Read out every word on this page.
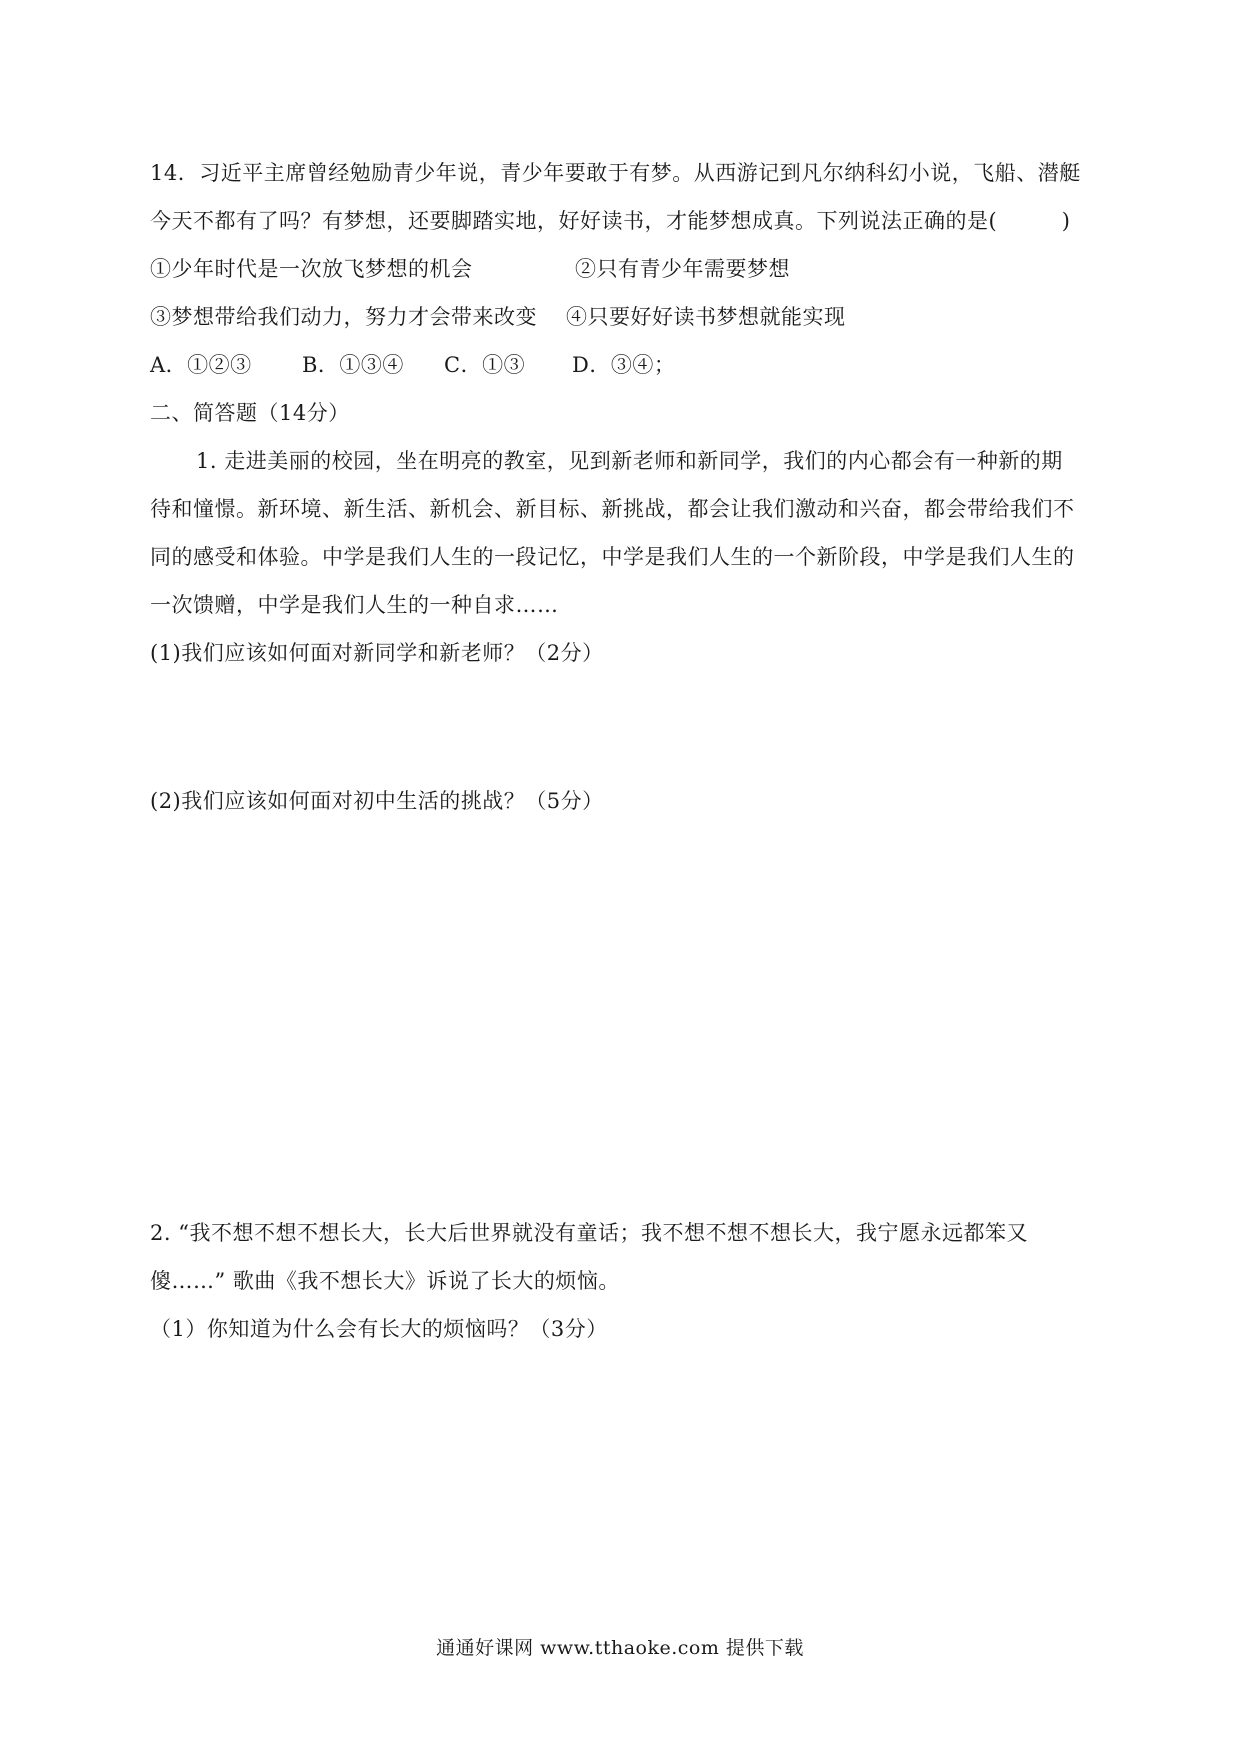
14．习近平主席曾经勉励青少年说，青少年要敢于有梦。从西游记到凡尔纳科幻小说，飞船、潜艇
今天不都有了吗？有梦想，还要脚踏实地，好好读书，才能梦想成真。下列说法正确的是(　　　)
①少年时代是一次放飞梦想的机会	②只有青少年需要梦想
③梦想带给我们动力，努力才会带来改变 ④只要好好读书梦想就能实现
A．①②③ B．①③④ C．①③ D．③④；
二、简答题（14分）
1. 走进美丽的校园，坐在明亮的教室，见到新老师和新同学，我们的内心都会有一种新的期
待和憧憬。新环境、新生活、新机会、新目标、新挑战，都会让我们激动和兴奋，都会带给我们不
同的感受和体验。中学是我们人生的一段记忆，中学是我们人生的一个新阶段，中学是我们人生的
一次馈赠，中学是我们人生的一种自求……
(1)我们应该如何面对新同学和新老师？（2分）
(2)我们应该如何面对初中生活的挑战？（5分）
2. “我不想不想不想长大，长大后世界就没有童话；我不想不想不想长大，我宁愿永远都笨又
傻……” 歌曲《我不想长大》诉说了长大的烦恼。
（1）你知道为什么会有长大的烦恼吗？（3分）
通通好课网 www.tthaoke.com 提供下载
